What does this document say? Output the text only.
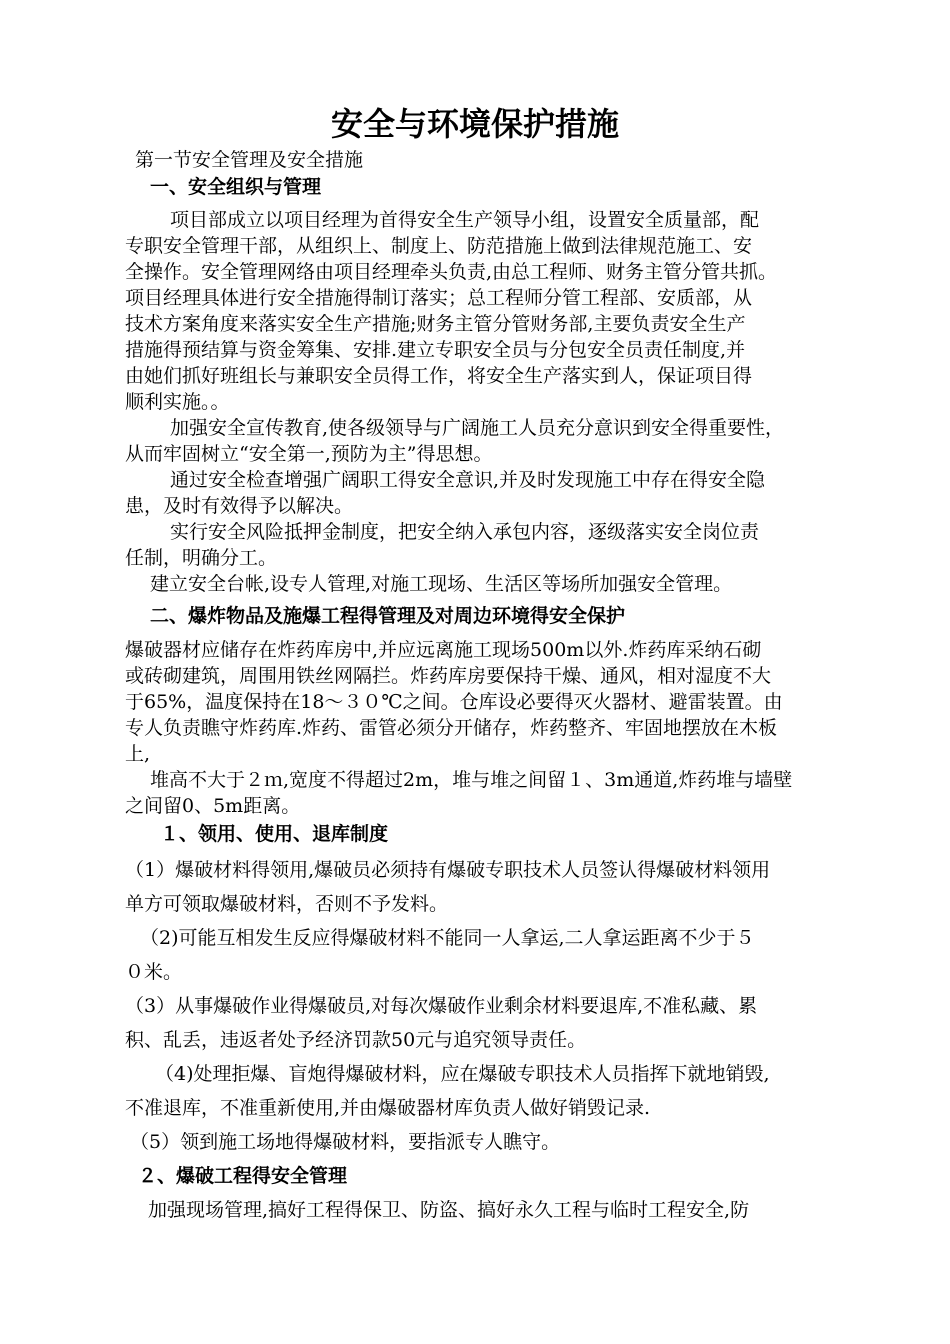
安全与环境保护措施
第一节安全管理及安全措施
一、安全组织与管理
项目部成立以项目经理为首得安全生产领导小组，设置安全质量部，配
专职安全管理干部，从组织上、制度上、防范措施上做到法律规范施工、安
全操作。安全管理网络由项目经理牵头负责,由总工程师、财务主管分管共抓。
项目经理具体进行安全措施得制订落实；总工程师分管工程部、安质部，从
技术方案角度来落实安全生产措施;财务主管分管财务部,主要负责安全生产
措施得预结算与资金筹集、安排.建立专职安全员与分包安全员责任制度,并
由她们抓好班组长与兼职安全员得工作，将安全生产落实到人，保证项目得
顺利实施。。
加强安全宣传教育,使各级领导与广阔施工人员充分意识到安全得重要性，
从而牢固树立“安全第一,预防为主”得思想。
通过安全检查增强广阔职工得安全意识,并及时发现施工中存在得安全隐
患，及时有效得予以解决。
实行安全风险抵押金制度，把安全纳入承包内容，逐级落实安全岗位责
任制，明确分工。
建立安全台帐,设专人管理,对施工现场、生活区等场所加强安全管理。
二、爆炸物品及施爆工程得管理及对周边环境得安全保护
爆破器材应储存在炸药库房中,并应远离施工现场500m以外.炸药库采纳石砌
或砖砌建筑，周围用铁丝网隔拦。炸药库房要保持干燥、通风，相对湿度不大
于65%，温度保持在18～３０℃之间。仓库设必要得灭火器材、避雷装置。由
专人负责瞧守炸药库.炸药、雷管必须分开储存，炸药整齐、牢固地摆放在木板
上,
堆高不大于２ｍ,宽度不得超过2m，堆与堆之间留１、3m通道,炸药堆与墙壁
之间留0、5m距离。
１、领用、使用、退库制度
（1）爆破材料得领用,爆破员必须持有爆破专职技术人员签认得爆破材料领用
单方可领取爆破材料，否则不予发料。
（2)可能互相发生反应得爆破材料不能同一人拿运,二人拿运距离不少于５
０米。
（3）从事爆破作业得爆破员,对每次爆破作业剩余材料要退库,不准私藏、累
积、乱丢，违返者处予经济罚款50元与追究领导责任。
（4)处理拒爆、盲炮得爆破材料，应在爆破专职技术人员指挥下就地销毁,
不准退库，不准重新使用,并由爆破器材库负责人做好销毁记录.
（5）领到施工场地得爆破材料，要指派专人瞧守。
２、爆破工程得安全管理
加强现场管理,搞好工程得保卫、防盗、搞好永久工程与临时工程安全,防
